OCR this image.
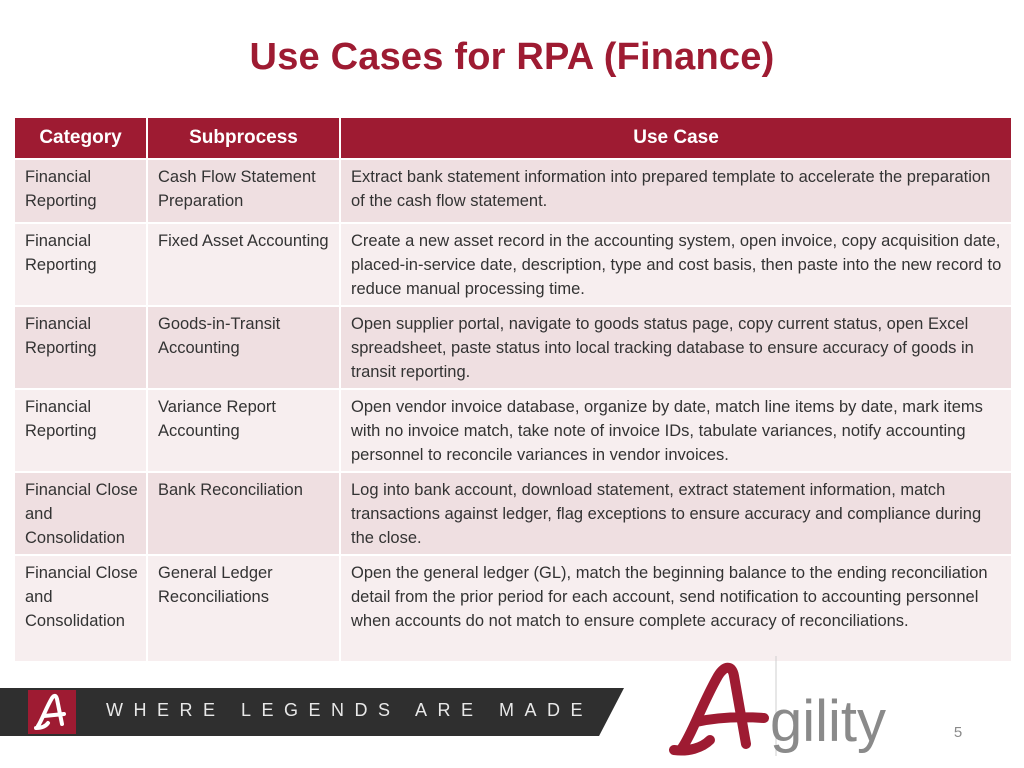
Use Cases for RPA (Finance)
Category	Subprocess	Use Case
Financial Reporting	Cash Flow Statement Preparation	Extract bank statement information into prepared template to accelerate the preparation of the cash flow statement.
Financial Reporting	Fixed Asset Accounting	Create a new asset record in the accounting system, open invoice, copy acquisition date, placed-in-service date, description, type and cost basis, then paste into the new record to reduce manual processing time.
Financial Reporting	Goods-in-Transit Accounting	Open supplier portal, navigate to goods status page, copy current status, open Excel spreadsheet, paste status into local tracking database to ensure accuracy of goods in transit reporting.
Financial Reporting	Variance Report Accounting	Open vendor invoice database, organize by date, match line items by date, mark items with no invoice match, take note of invoice IDs, tabulate variances, notify accounting personnel to reconcile variances in vendor invoices.
Financial Close and Consolidation	Bank Reconciliation	Log into bank account, download statement, extract statement information, match transactions against ledger, flag exceptions to ensure accuracy and compliance during the close.
Financial Close and Consolidation	General Ledger Reconciliations	Open the general ledger (GL), match the beginning balance to the ending reconciliation detail from the prior period for each account, send notification to accounting personnel when accounts do not match to ensure complete accuracy of reconciliations.
WHERE LEGENDS ARE MADE	gility	5
